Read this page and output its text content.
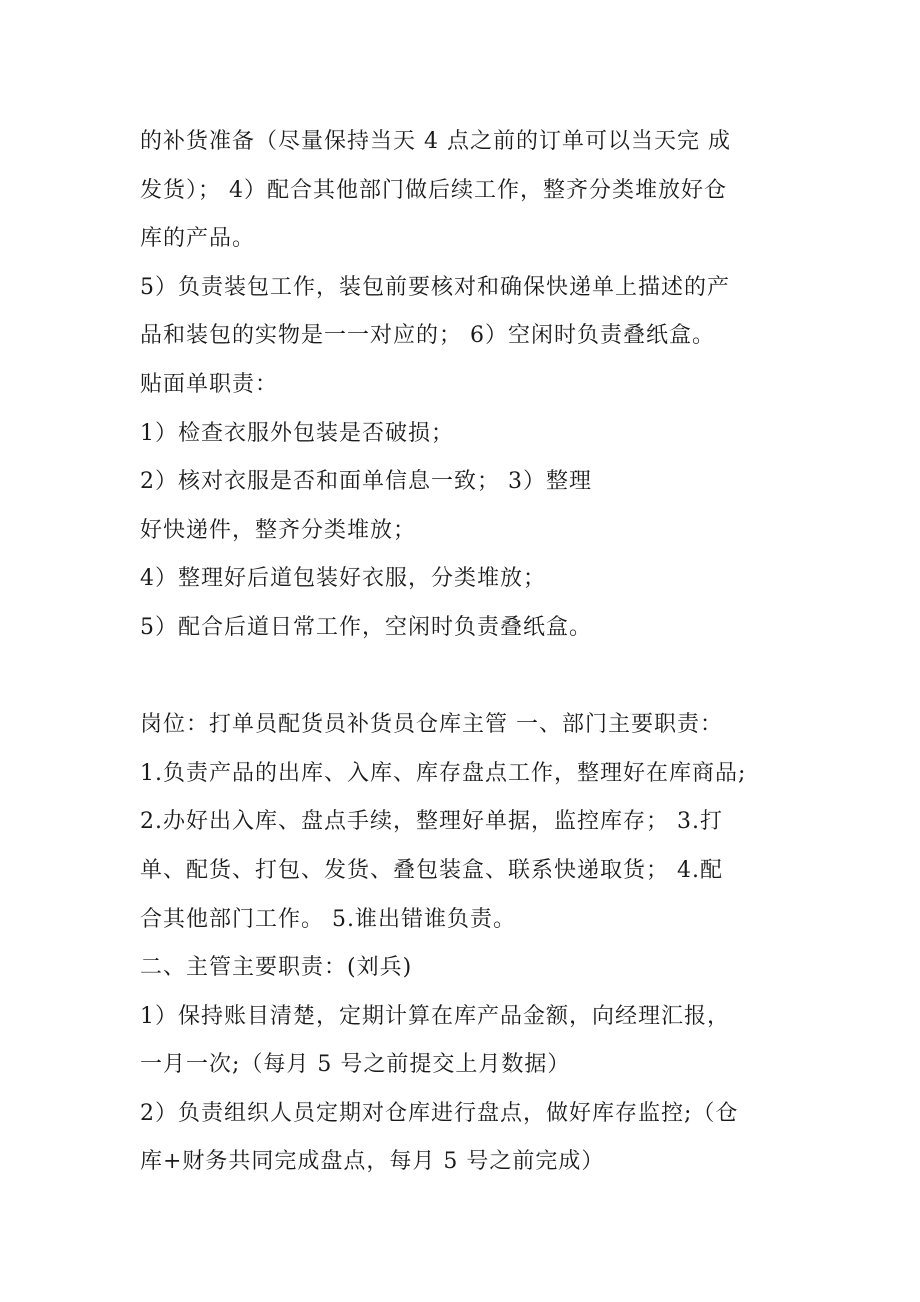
的补货准备（尽量保持当天 4 点之前的订单可以当天完 成
发货）； 4）配合其他部门做后续工作，整齐分类堆放好仓
库的产品。
5）负责装包工作，装包前要核对和确保快递单上描述的产
品和装包的实物是一一对应的； 6）空闲时负责叠纸盒。
贴面单职责：
1）检查衣服外包装是否破损；
2）核对衣服是否和面单信息一致； 3）整理
好快递件，整齐分类堆放；
4）整理好后道包装好衣服，分类堆放；
5）配合后道日常工作，空闲时负责叠纸盒。
岗位：打单员配货员补货员仓库主管 一、部门主要职责：
1.负责产品的出库、入库、库存盘点工作，整理好在库商品;
2.办好出入库、盘点手续，整理好单据，监控库存； 3.打
单、配货、打包、发货、叠包装盒、联系快递取货； 4.配
合其他部门工作。 5.谁出错谁负责。
二、主管主要职责：(刘兵)
1）保持账目清楚，定期计算在库产品金额，向经理汇报，
一月一次;（每月 5 号之前提交上月数据）
2）负责组织人员定期对仓库进行盘点，做好库存监控;（仓
库+财务共同完成盘点，每月 5 号之前完成）
